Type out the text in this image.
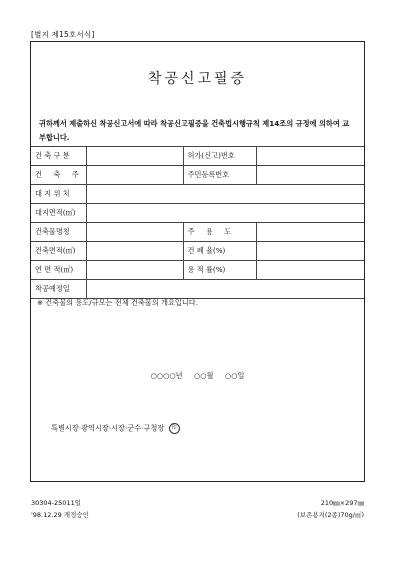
[별지 제15호서식]
착공신고필증
귀하께서 제출하신 착공신고서에 따라 착공신고필증을 건축법시행규칙 제14조의 규정에 의하여 교부합니다.
건 축 구 분		허가(신고)번호	
건     축     주		주민등록번호	
대 지 위 치			
대지면적(㎡)			
건축물명칭		주     용     도	
건축면적(㎡)		건 폐 율(%)	
연 면 적(㎡)		용 적 률(%)	
착공예정일			
※ 건축물의 용도/규모는 전체 건축물의 개요입니다.
○○○○년     ○○월     ○○일
특별시장·광역시장·시장·군수·구청장 印
30304-25011일
'98.12.29 개정승인
210㎜×297㎜
(보존용지(2종)70g/㎡)
